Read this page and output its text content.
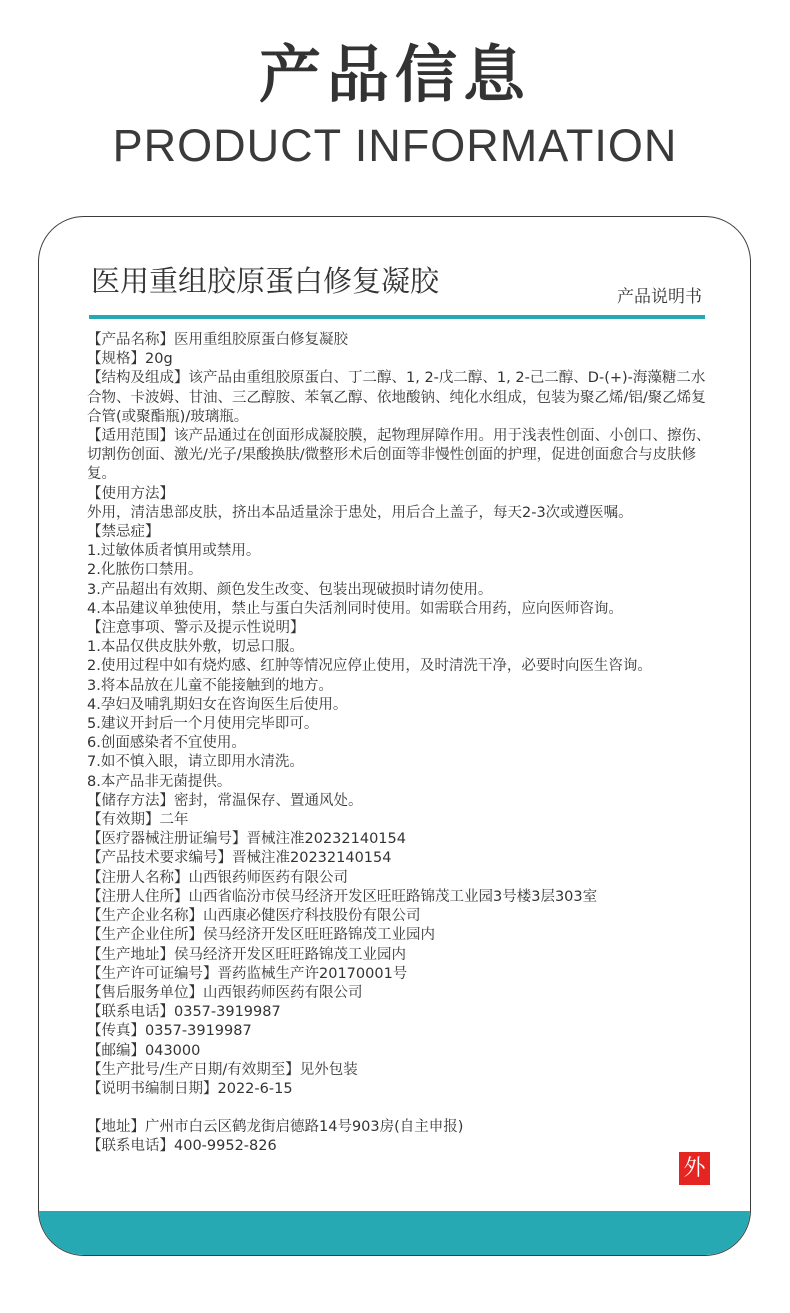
产品信息
PRODUCT INFORMATION
医用重组胶原蛋白修复凝胶	产品说明书
【产品名称】医用重组胶原蛋白修复凝胶
【规格】20g
【结构及组成】该产品由重组胶原蛋白、丁二醇、1, 2-戊二醇、1, 2-己二醇、D-(+)-海藻糖二水合物、卡波姆、甘油、三乙醇胺、苯氧乙醇、依地酸钠、纯化水组成，包装为聚乙烯/铝/聚乙烯复合管(或聚酯瓶)/玻璃瓶。
【适用范围】该产品通过在创面形成凝胶膜，起物理屏障作用。用于浅表性创面、小创口、擦伤、切割伤创面、激光/光子/果酸换肤/微整形术后创面等非慢性创面的护理，促进创面愈合与皮肤修复。
【使用方法】
外用，清洁患部皮肤，挤出本品适量涂于患处，用后合上盖子，每天2-3次或遵医嘱。
【禁忌症】
1.过敏体质者慎用或禁用。
2.化脓伤口禁用。
3.产品超出有效期、颜色发生改变、包装出现破损时请勿使用。
4.本品建议单独使用，禁止与蛋白失活剂同时使用。如需联合用药，应向医师咨询。
【注意事项、警示及提示性说明】
1.本品仅供皮肤外敷，切忌口服。
2.使用过程中如有烧灼感、红肿等情况应停止使用，及时清洗干净，必要时向医生咨询。
3.将本品放在儿童不能接触到的地方。
4.孕妇及哺乳期妇女在咨询医生后使用。
5.建议开封后一个月使用完毕即可。
6.创面感染者不宜使用。
7.如不慎入眼，请立即用水清洗。
8.本产品非无菌提供。
【储存方法】密封，常温保存、置通风处。
【有效期】二年
【医疗器械注册证编号】晋械注准20232140154
【产品技术要求编号】晋械注准20232140154
【注册人名称】山西银药师医药有限公司
【注册人住所】山西省临汾市侯马经济开发区旺旺路锦茂工业园3号楼3层303室
【生产企业名称】山西康必健医疗科技股份有限公司
【生产企业住所】侯马经济开发区旺旺路锦茂工业园内
【生产地址】侯马经济开发区旺旺路锦茂工业园内
【生产许可证编号】晋药监械生产许20170001号
【售后服务单位】山西银药师医药有限公司
【联系电话】0357-3919987
【传真】0357-3919987
【邮编】043000
【生产批号/生产日期/有效期至】见外包装
【说明书编制日期】2022-6-15
【地址】广州市白云区鹤龙街启德路14号903房(自主申报)
【联系电话】400-9952-826
外
